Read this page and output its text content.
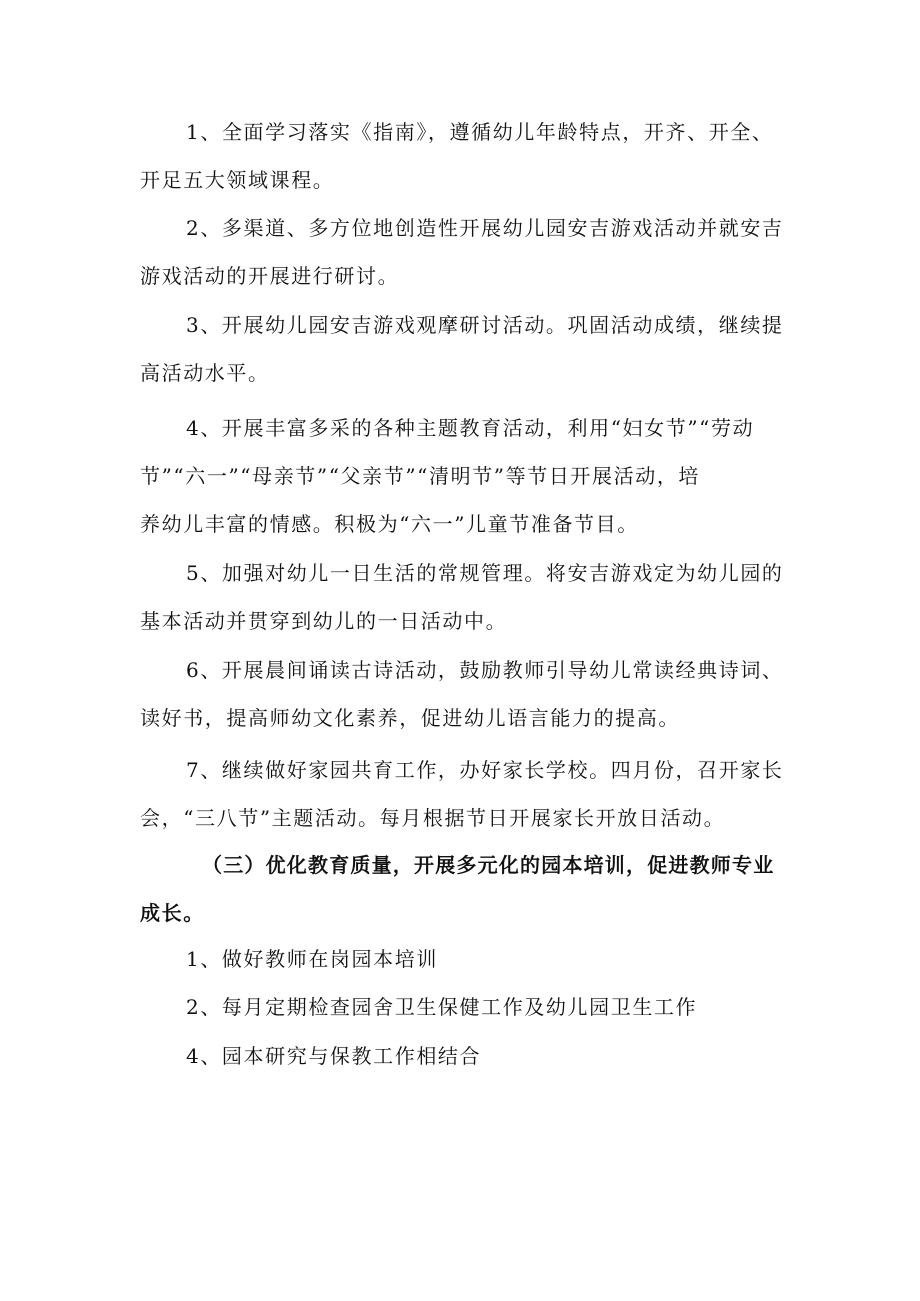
1、全面学习落实《指南》，遵循幼儿年龄特点，开齐、开全、
开足五大领域课程。
2、多渠道、多方位地创造性开展幼儿园安吉游戏活动并就安吉
游戏活动的开展进行研讨。
3、开展幼儿园安吉游戏观摩研讨活动。巩固活动成绩，继续提
高活动水平。
4、开展丰富多采的各种主题教育活动，利用“妇女节”“劳动
节”“六一”“母亲节”“父亲节”“清明节”等节日开展活动，培
养幼儿丰富的情感。积极为“六一”儿童节准备节目。
5、加强对幼儿一日生活的常规管理。将安吉游戏定为幼儿园的
基本活动并贯穿到幼儿的一日活动中。
6、开展晨间诵读古诗活动，鼓励教师引导幼儿常读经典诗词、
读好书，提高师幼文化素养，促进幼儿语言能力的提高。
7、继续做好家园共育工作，办好家长学校。四月份，召开家长
会，“三八节”主题活动。每月根据节日开展家长开放日活动。
（三）优化教育质量，开展多元化的园本培训，促进教师专业
成长。
1、做好教师在岗园本培训
2、每月定期检查园舍卫生保健工作及幼儿园卫生工作
4、园本研究与保教工作相结合
